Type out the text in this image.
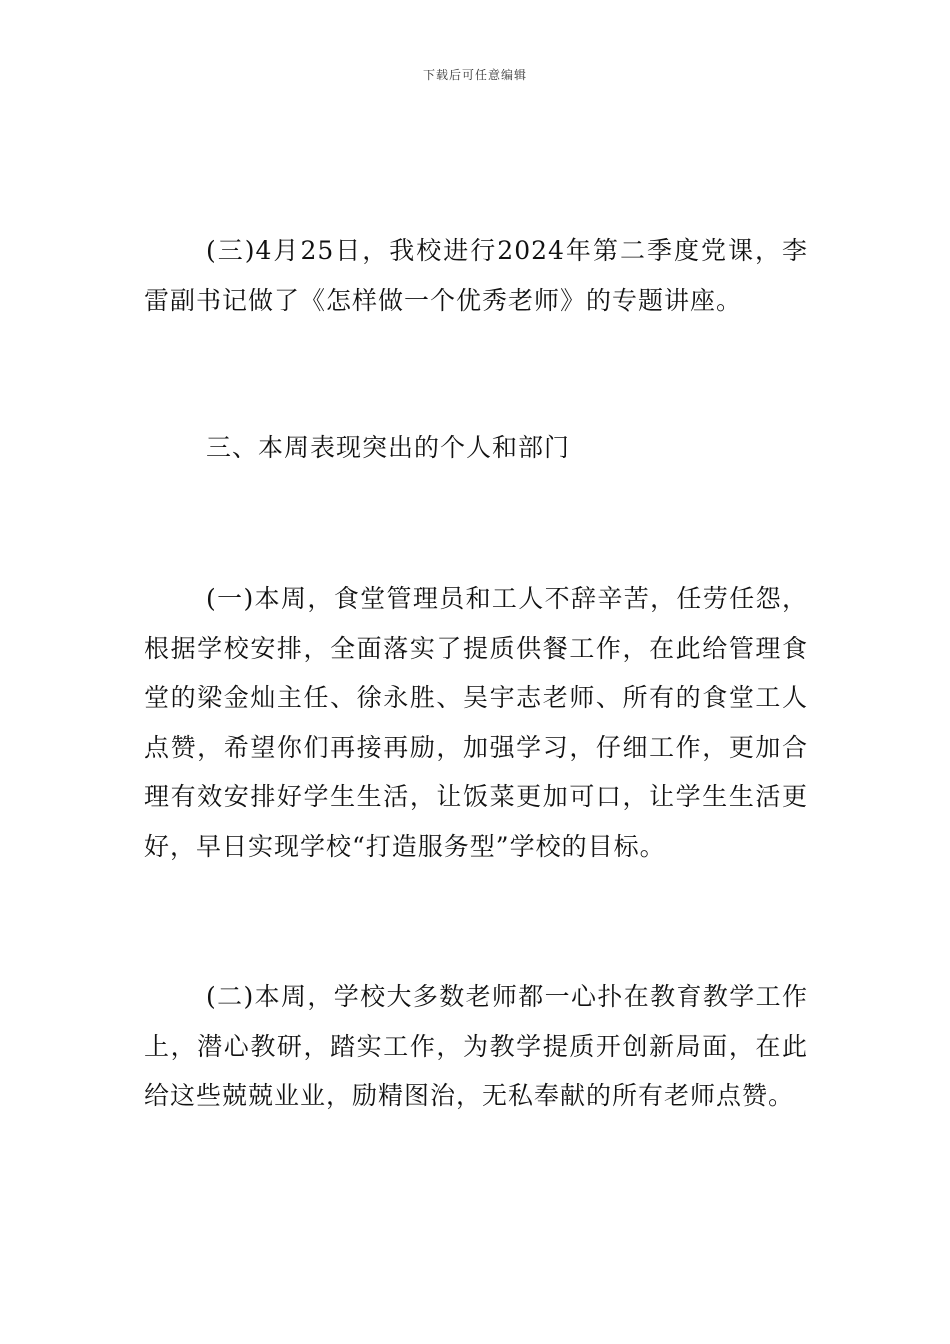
下载后可任意编辑

(三)4月25日，我校进行2024年第二季度党课，李雷副书记做了《怎样做一个优秀老师》的专题讲座。

三、本周表现突出的个人和部门

(一)本周，食堂管理员和工人不辞辛苦，任劳任怨，根据学校安排，全面落实了提质供餐工作，在此给管理食堂的梁金灿主任、徐永胜、吴宇志老师、所有的食堂工人点赞，希望你们再接再励，加强学习，仔细工作，更加合理有效安排好学生生活，让饭菜更加可口，让学生生活更好，早日实现学校“打造服务型”学校的目标。

(二)本周，学校大多数老师都一心扑在教育教学工作上，潜心教研，踏实工作，为教学提质开创新局面，在此给这些兢兢业业，励精图治，无私奉献的所有老师点赞。
